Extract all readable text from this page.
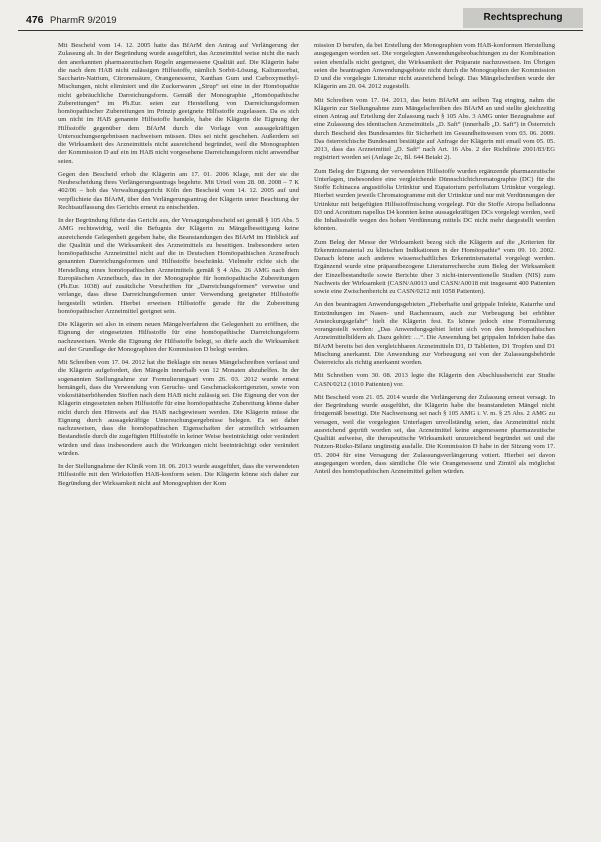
476 PharmR 9/2019	Rechtsprechung

Mit Bescheid vom 14. 12. 2005 hatte das BfArM den Antrag auf Verlängerung der Zulassung ab. In der Begründung wurde ausgeführt, das Arzneimittel weise nicht die nach den anerkannten pharmazeutischen Regeln angemessene Qualität auf. Die Klägerin habe die nach dem HAB nicht zulässigen Hilfsstoffe, nämlich Sorbit-Lösung, Kaliumsorbat, Saccharin-Natrium, Citronensäure, Orangenessenz, Xanthan Gum und Carboxymethyl-Mischungen, nicht eliminiert und die Zuckerwaren „Sirup“ sei eine in der Homöopathie nicht gebräuchliche Darreichungsform. Gemäß der Monographie „Homöopathische Zubereitungen“ im Ph.Eur. seien zur Herstellung von Darreichungsformen homöopathischer Zubereitungen im Prinzip geeignete Hilfsstoffe zugelassen. Da es sich um nicht im HAB genannte Hilfsstoffe handele, habe die Klägerin die Eignung der Hilfsstoffe gegenüber dem BfArM durch die Vorlage von aussagekräftigen Untersuchungsergebnissen nachweisen müssen. Dies sei nicht geschehen. Außerdem sei die Wirksamkeit des Arzneimittels nicht ausreichend begründet, weil die Monographien der Kommission D auf ein im HAB nicht vorgesehene Darreichungsform nicht anwendbar seien.

Gegen den Bescheid erhob die Klägerin am 17. 01. 2006 Klage, mit der sie die Neubescheidung ihres Verlängerungsantrags begehrte. Mit Urteil vom 28. 08. 2008 – 7 K 402/06 – hob das Verwaltungsgericht Köln den Bescheid vom 14. 12. 2005 auf und verpflichtete das BfArM, über den Verlängerungsantrag der Klägerin unter Beachtung der Rechtsauffassung des Gerichts erneut zu entscheiden.

In der Begründung führte das Gericht aus, der Versagungsbescheid sei gemäß § 105 Abs. 5 AMG rechtswidrig, weil die Befugnis der Klägerin zu Mängelbeseitigung keine ausreichende Gelegenheit gegeben habe, die Beanstandungen des BfArM im Hinblick auf die Qualität und die Wirksamkeit des Arzneimittels zu beseitigen. Insbesondere seien homöopathische Arzneimittel nicht auf die in Deutschen Homöopathischen Arzneibuch genannten Darreichungsformen und Hilfsstoffe beschränkt. Vielmehr richte sich die Herstellung eines homöopathischen Arzneimittels gemäß § 4 Abs. 26 AMG nach dem Europäischen Arzneibuch, das in der Monographie für homöopathische Zubereitungen (Ph.Eur. 1038) auf zusätzliche Vorschriften für „Darreichungsformen“ verweise und verlange, dass diese Darreichungsformen unter Verwendung geeigneter Hilfsstoffe hergestellt würden. Hierbei erweisen Hilfsstoffe gerade für die Zubereitung homöopathischer Arzneimittel geeignet sein.

Die Klägerin sei also in einem neuen Mängelverfahren die Gelegenheit zu eröffnen, die Eignung der eingesetzten Hilfsstoffe für eine homöopathische Darreichungsform nachzuweisen. Werde die Eignung der Hilfsstoffe belegt, so dürfe auch die Wirksamkeit auf der Grundlage der Monographien der Kommission D belegt werden.

Mit Schreiben vom 17. 04. 2012 hat die Beklagte ein neues Mängelschreiben verfasst und die Klägerin aufgefordert, den Mängeln innerhalb von 12 Monaten abzuhelfen. In der sogenannten Stellungnahme zur Formulierungsart vom 26. 03. 2012 wurde erneut bemängelt, dass die Verwendung von Geruchs- und Geschmackskorrigenzien, sowie von viskositätserhöhenden Stoffen nach dem HAB nicht zulässig sei. Die Eignung der von der Klägerin eingesetzten neben Hilfsstoffe für eine homöopathische Zubereitung könne daher nicht durch den Hinweis auf das HAB nachgewiesen werden. Die Klägerin müsse die Eignung durch aussagekräftige Untersuchungsergebnisse belegen. Es sei daher nachzuweisen, dass die homöopathischen Eigenschaften der arzneilich wirksamen Bestandteile durch die zugefügten Hilfsstoffe in keiner Weise beeinträchtigt oder verändert würden und dass insbesondere auch die Wirkungen nicht beeinträchtigt oder verändert würden.

In der Stellungnahme der Klinik vom 18. 06. 2013 wurde ausgeführt, dass die verwendeten Hilfsstoffe mit den Wirkstoffen HAB-konform seien. Die Klägerin könne sich daher zur Begründung der Wirksamkeit nicht auf Monographien der Kom

mission D berufen, da bei Erstellung der Monographien vom HAB-konformen Herstellung ausgegangen worden sei. Die vorgelegten Anwendungsbeobachtungen zu der Kombination seien ebenfalls nicht geeignet, die Wirksamkeit der Präparate nachzuweisen. Im Übrigen seien die beantragten Anwendungsgebiete nicht durch die Monographien der Kommission D und die vorgelegte Literatur nicht ausreichend belegt. Das Mängelschreiben wurde der Klägerin am 20. 04. 2012 zugestellt.

Mit Schreiben vom 17. 04. 2013, das beim BfArM am selben Tag einging, nahm die Klägerin zur Stellungnahme zum Mängelschreiben des BfArM an und stellte gleichzeitig einen Antrag auf Erteilung der Zulassung nach § 105 Abs. 3 AMG unter Bezugnahme auf eine Zulassung des identischen Arzneimittels „D. Saft“ (innerhalb „D. Saft“) in Österreich durch Bescheid des Bundesamtes für Sicherheit im Gesundheitswesen vom 03. 06. 2009. Das österreichische Bundesamt bestätigte auf Anfrage der Klägerin mit email vom 05. 05. 2013, dass das Arzneimittel „D. Saft“ nach Art. 16 Abs. 2 der Richtlinie 2001/83/EG registriert worden sei (Anlage 2c, Bl. 644 Beiakt 2).

Zum Beleg der Eignung der verwendeten Hilfsstoffe wurden ergänzende pharmazeutische Unterlagen, insbesondere eine vergleichende Dünnschichtchromatographie (DC) für die Stoffe Echinacea angustifolia Urtinktur und Eupatorium perfoliatum Urtinktur vorgelegt. Hierbei wurden jeweils Chromatogramme mit der Urtinktur und nur mit Verdünnungen der Urtinktur mit beigefügten Hilfsstoffmischung vorgelegt. Für die Stoffe Atropa belladonna D3 und Aconitum napellus D4 konnten keine aussagekräftigen DCs vorgelegt werden, weil die Inhaltsstoffe wegen des hohen Verdünnung mittels DC nicht mehr dargestellt werden könnten.

Zum Beleg der Messe der Wirksamkeit bezog sich die Klägerin auf die „Kriterien für Erkenntnismaterial zu klinischen Indikationen in der Homöopathie“ vom 09. 10. 2002. Danach könne auch anderes wissenschaftliches Erkenntnismaterial vorgelegt werden. Ergänzend wurde eine präparatbezogene Literaturrecherche zum Beleg der Wirksamkeit der Einzelbestandteile sowie Berichte über 3 nicht-interventionelle Studien (NIS) zum Nachweis der Wirksamkeit (CASN/A0013 und CASN/A0018 mit insgesamt 400 Patienten sowie eine Zwischenbericht zu CASN/0212 mit 1058 Patienten).

An den beantragten Anwendungsgebieten „Fieberhafte und grippale Infekte, Katarrhe und Entzündungen im Nasen- und Rachenraum, auch zur Vorbeugung bei erhöhter Ansteckungsgefahr“ hielt die Klägerin fest. Es könne jedoch eine Formulierung vorangestellt werden: „Das Anwendungsgebiet leitet sich von den homöopathischen Arzneimittelbildern ab. Dazu gehört: …“. Die Anwendung bei grippalen Infekten habe das BfArM bereits bei den vergleichbaren Arzneimitteln D1, D Tabletten, D1 Tropfen und D1 Mischung anerkannt. Die Anwendung zur Vorbeugung sei von der Zulassungsbehörde Österreichs als richtig anerkannt worden.

Mit Schreiben vom 30. 08. 2013 legte die Klägerin den Abschlussbericht zur Studie CASN/0212 (1010 Patienten) vor.

Mit Bescheid vom 21. 05. 2014 wurde die Verlängerung der Zulassung erneut versagt. In der Begründung wurde ausgeführt, die Klägerin habe die beanstandeten Mängel nicht fristgemäß beseitigt. Die Nachweisung sei nach § 105 AMG i. V. m. § 25 Abs. 2 AMG zu versagen, weil die vorgelegten Unterlagen unvollständig seien, das Arzneimittel nicht ausreichend geprüft worden sei, das Arzneimittel keine angemessene pharmazeutische Qualität aufweise, die therapeutische Wirksamkeit unzureichend begründet sei und die Nutzen-Risiko-Bilanz ungünstig ausfalle. Die Kommission D habe in der Sitzung vom 17. 05. 2004 für eine Versagung der Zulassungsverlängerung votiert. Hierbei sei davon ausgegangen worden, dass sämtliche Öle wie Orangenessenz und Zimtöl als möglichst Anteil des homöopathischen Arzneimittel gelten würden.
